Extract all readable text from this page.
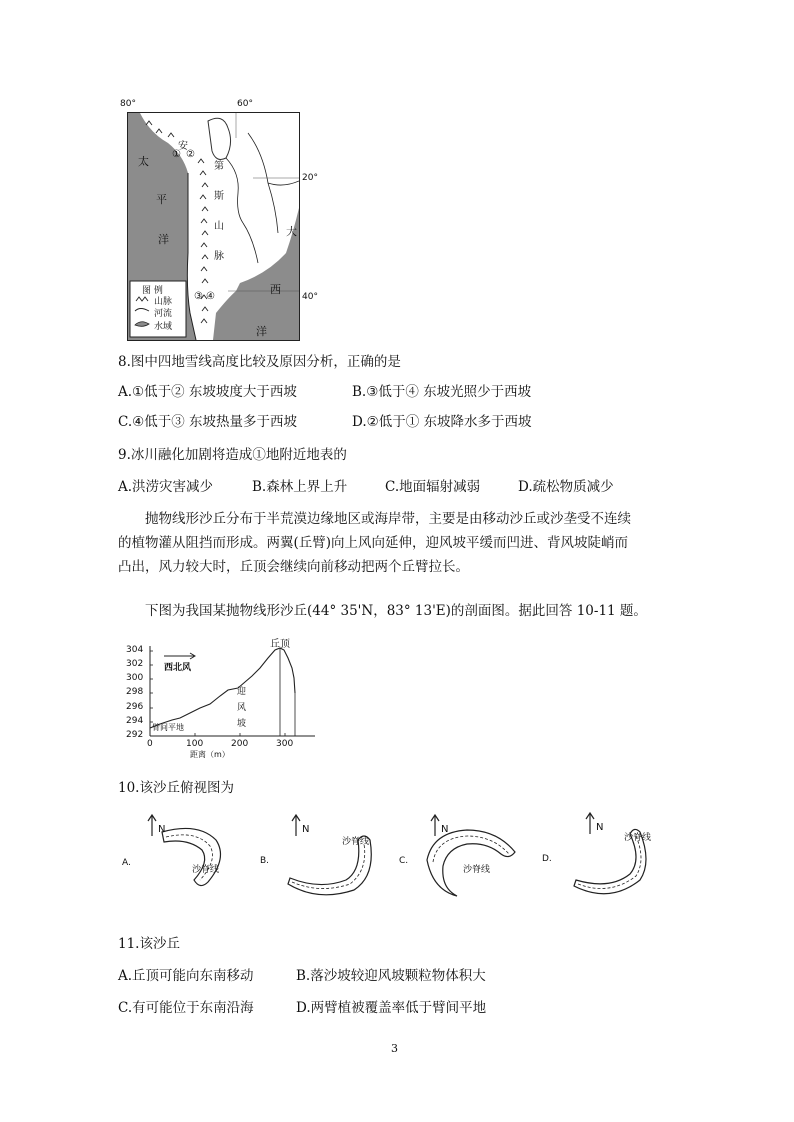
80°	60°
20°
40°
太
平
洋
大
西
洋
安
第
斯
山
脉
① ②
③ ④
图 例
山脉
河流
水域
8.图中四地雪线高度比较及原因分析，正确的是
A.①低于② 东坡坡度大于西坡	B.③低于④ 东坡光照少于西坡
C.④低于③ 东坡热量多于西坡	D.②低于① 东坡降水多于西坡
9.冰川融化加剧将造成①地附近地表的
A.洪涝灾害减少	B.森林上界上升	C.地面辐射减弱	D.疏松物质减少
抛物线形沙丘分布于半荒漠边缘地区或海岸带，主要是由移动沙丘或沙垄受不连续的植物灌从阻挡而形成。两翼(丘臂)向上风向延伸，迎风坡平缓而凹进、背风坡陡峭而凸出，风力较大时，丘顶会继续向前移动把两个丘臂拉长。
下图为我国某抛物线形沙丘(44° 35'N，83° 13'E)的剖面图。据此回答 10-11 题。
304
302
300
298
296
294
292
0	100	200	300
距离（m）
西北风
丘顶
迎
风
坡
臂间平地
10.该沙丘俯视图为
A.
N
沙脊线
B.
N
沙脊线
C.
N
沙脊线
D.
N
沙脊线
11.该沙丘
A.丘顶可能向东南移动	B.落沙坡较迎风坡颗粒物体积大
C.有可能位于东南沿海	D.两臂植被覆盖率低于臂间平地
3
